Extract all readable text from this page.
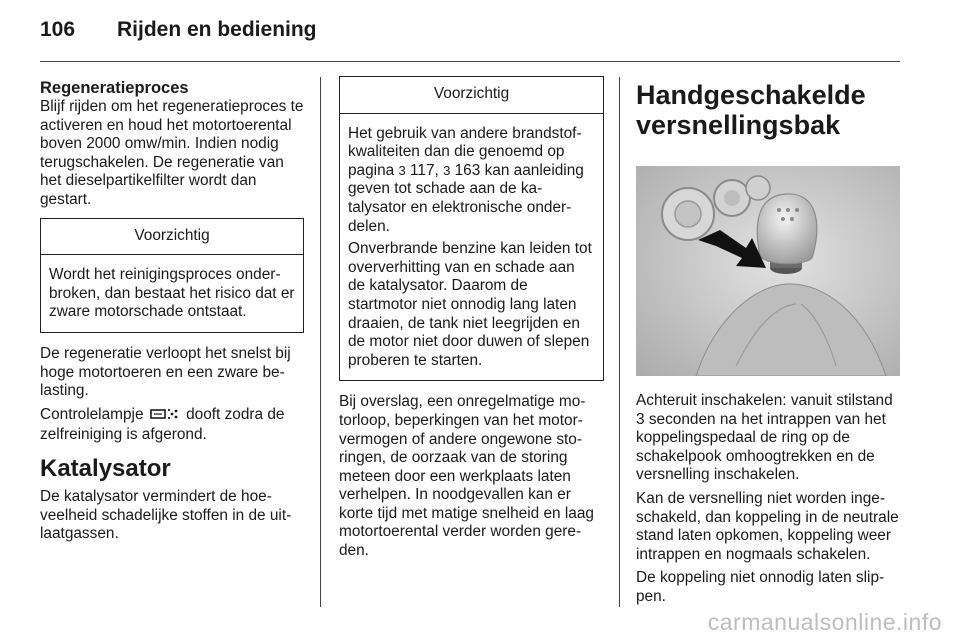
106 Rijden en bediening
Regeneratieproces

Blijf rijden om het regeneratieproces te activeren en houd het motortoerental boven 2000 omw/min. Indien nodig terugschakelen. De regeneratie van het dieselpartikelfilter wordt dan gestart.

Voorzichtig

Wordt het reinigingsproces onderbroken, dan bestaat het risico dat er zware motorschade ontstaat.

De regeneratie verloopt het snelst bij hoge motortoeren en een zware belasting.

Controlelampje	dooft zodra de zelfreiniging is afgerond.

Katalysator

De katalysator vermindert de hoeveelheid schadelijke stoffen in de uitlaatgassen.

Voorzichtig

Het gebruik van andere brandstofkwaliteiten dan die genoemd op pagina 3 117, 3 163 kan aanleiding geven tot schade aan de katalysator en elektronische onderdelen.

Onverbrande benzine kan leiden tot oververhitting van en schade aan de katalysator. Daarom de startmotor niet onnodig lang laten draaien, de tank niet leegrijden en de motor niet door duwen of slepen proberen te starten.

Bij overslag, een onregelmatige motorloop, beperkingen van het motorvermogen of andere ongewone storingen, de oorzaak van de storing meteen door een werkplaats laten verhelpen. In noodgevallen kan er korte tijd met matige snelheid en laag motortoerental verder worden gereden.

Handgeschakelde versnellingsbak

Achteruit inschakelen: vanuit stilstand 3 seconden na het intrappen van het koppelingspedaal de ring op de schakelpook omhoogtrekken en de versnelling inschakelen.

Kan de versnelling niet worden ingeschakeld, dan koppeling in de neutrale stand laten opkomen, koppeling weer intrappen en nogmaals schakelen.

De koppeling niet onnodig laten slippen.

carmanualsonline.info
